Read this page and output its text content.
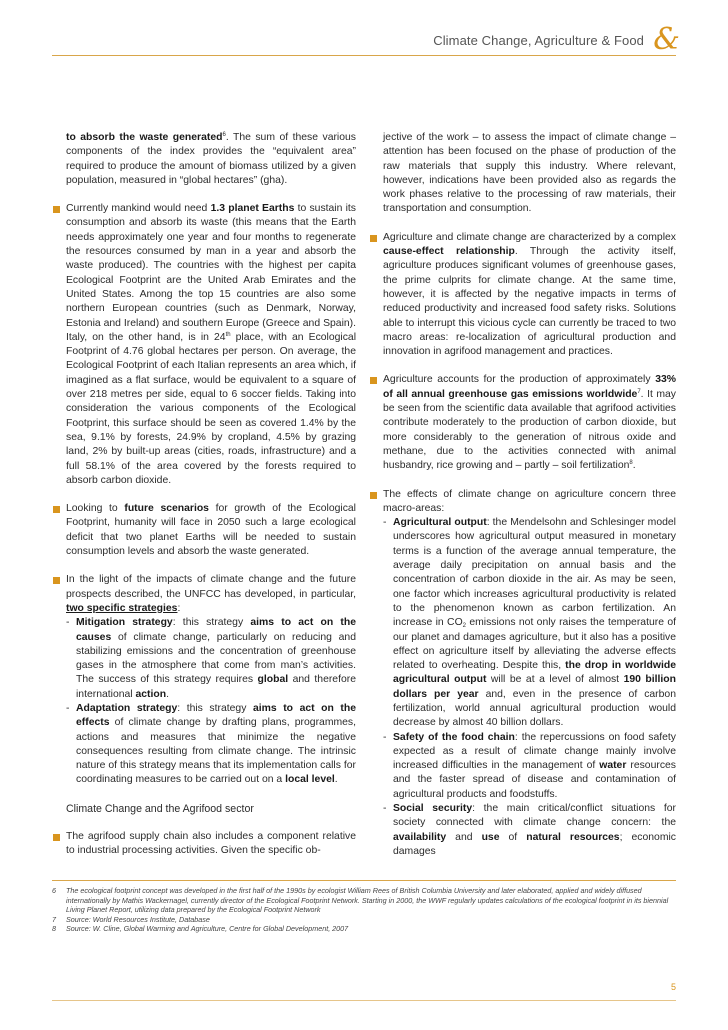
Climate Change, Agriculture & Food &

to absorb the waste generated$^6$. The sum of these various components of the index provides the “equivalent area” required to produce the amount of biomass utilized by a given population, measured in “global hectares” (gha).

Currently mankind would need 1.3 planet Earths to sustain its consumption and absorb its waste (this means that the Earth needs approximately one year and four months to regenerate the resources consumed by man in a year and absorb the waste produced). The countries with the highest per capita Ecological Footprint are the United Arab Emirates and the United States. Among the top 15 countries are also some northern European countries (such as Denmark, Norway, Estonia and Ireland) and southern Europe (Greece and Spain). Italy, on the other hand, is in 24th place, with an Ecological Footprint of 4.76 global hectares per person. On average, the Ecological Footprint of each Italian represents an area which, if imagined as a flat surface, would be equivalent to a square of over 218 metres per side, equal to 6 soccer fields. Taking into consideration the various components of the Ecological Footprint, this surface should be seen as covered 1.4% by the sea, 9.1% by forests, 24.9% by cropland, 4.5% by grazing land, 2% by built-up areas (cities, roads, infrastructure) and a full 58.1% of the area covered by the forests required to absorb carbon dioxide.

Looking to future scenarios for growth of the Ecological Footprint, humanity will face in 2050 such a large ecological deficit that two planet Earths will be needed to sustain consumption levels and absorb the waste generated.

In the light of the impacts of climate change and the future prospects described, the UNFCC has developed, in particular, two specific strategies:
- Mitigation strategy: this strategy aims to act on the causes of climate change, particularly on reducing and stabilizing emissions and the concentration of greenhouse gases in the atmosphere that come from man’s activities. The success of this strategy requires global and therefore international action.
- Adaptation strategy: this strategy aims to act on the effects of climate change by drafting plans, programmes, actions and measures that minimize the negative consequences resulting from climate change. The intrinsic nature of this strategy means that its implementation calls for coordinating measures to be carried out on a local level.
Climate Change and the Agrifood sector

The agrifood supply chain also includes a component relative to industrial processing activities. Given the specific ob-

jective of the work – to assess the impact of climate change – attention has been focused on the phase of production of the raw materials that supply this industry. Where relevant, however, indications have been provided also as regards the work phases relative to the processing of raw materials, their transportation and consumption.

Agriculture and climate change are characterized by a complex cause-effect relationship. Through the activity itself, agriculture produces significant volumes of greenhouse gases, the prime culprits for climate change. At the same time, however, it is affected by the negative impacts in terms of reduced productivity and increased food safety risks. Solutions able to interrupt this vicious cycle can currently be traced to two macro areas: re-localization of agricultural production and innovation in agrifood management and practices.

Agriculture accounts for the production of approximately 33% of all annual greenhouse gas emissions worldwide$^7$. It may be seen from the scientific data available that agrifood activities contribute moderately to the production of carbon dioxide, but more considerably to the generation of nitrous oxide and methane, due to the activities connected with animal husbandry, rice growing and – partly – soil fertilization$^8$.

The effects of climate change on agriculture concern three macro-areas:
- Agricultural output: the Mendelsohn and Schlesinger model underscores how agricultural output measured in monetary terms is a function of the average annual temperature, the average daily precipitation on annual basis and the concentration of carbon dioxide in the air. As may be seen, one factor which increases agricultural productivity is related to the phenomenon known as carbon fertilization. An increase in $CO_2$ emissions not only raises the temperature of our planet and damages agriculture, but it also has a positive effect on agriculture itself by alleviating the adverse effects related to overheating. Despite this, the drop in worldwide agricultural output will be at a level of almost 190 billion dollars per year and, even in the presence of carbon fertilization, world annual agricultural production would decrease by almost 40 billion dollars.
- Safety of the food chain: the repercussions on food safety expected as a result of climate change mainly involve increased difficulties in the management of water resources and the faster spread of disease and contamination of agricultural products and foodstuffs.
- Social security: the main critical/conflict situations for society connected with climate change concern: the availability and use of natural resources; economic damages
6 The ecological footprint concept was developed in the first half of the 1990s by ecologist William Rees of British Columbia University and later elaborated, applied and widely diffused internationally by Mathis Wackernagel, currently director of the Ecological Footprint Network. Starting in 2000, the WWF regularly updates calculations of the ecological footprint in its biennial Living Planet Report, utilizing data prepared by the Ecological Footprint Network
7 Source: World Resources Institute, Database
8 Source: W. Cline, Global Warming and Agriculture, Centre for Global Development, 2007
5
